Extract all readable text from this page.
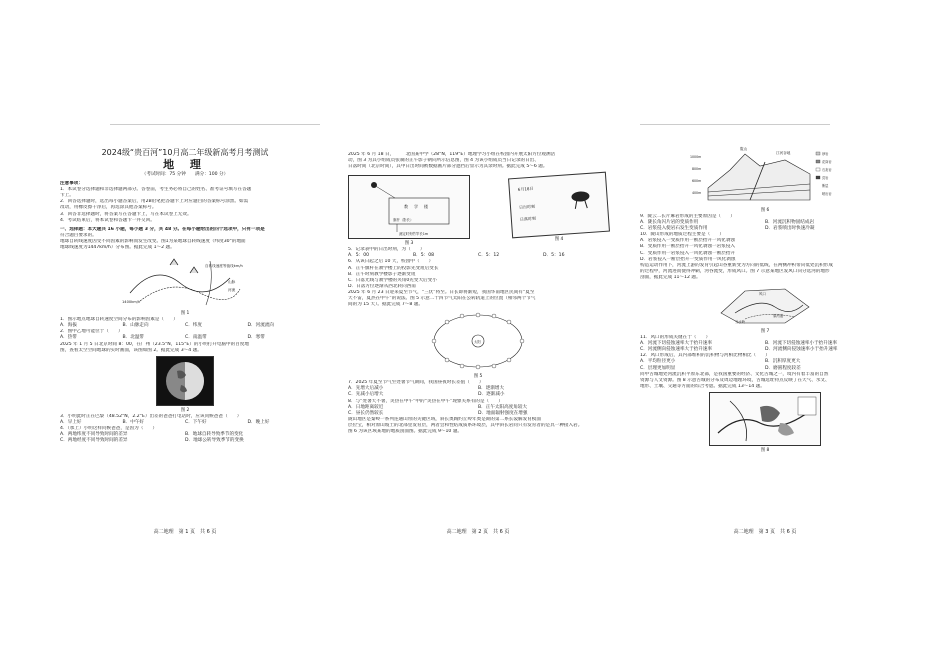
2024级“贵百河”10月高二年级新高考月考测试
地 理
（考试时间：75 分钟　　满分：100 分）
注意事项：
1．本试卷分选择题和非选择题两部分。答卷前，考生务必将自己的姓名、准考证号填写在答题
卡上。
2．回答选择题时，选出每小题答案后，用2B铅笔把答题卡上对应题目的答案标号涂黑。如需
改动，用橡皮擦干净后，再选涂其他答案标号。
3．回答非选择题时，将答案写在答题卡上，写在本试卷上无效。
4．考试结束后，将本试卷和答题卡一并交回。
一、选择题：本大题共 16 小题，每小题 3 分，共 48 分。在每小题给出的四个选项中，只有一项是
符合题目要求的。
地球自转线速度因受不同因素的影响而发生改变。图1为某地球自转线速度（纬度30°的地面
地球线速度为1447km/h）分布图。据此完成 1～2 题。
自转线速度等值线km/h
山脉
河流
1400km/h
图 1
1．图示地点地球自转速度空间分布的影响因素是（　　）
A．海拔	B．山脉走向	C．纬度	D．河流流向
2．图中乙地可能位于（　　）
A．热带	B．北温带	C．南温带	D．寒带
2025 年 1 月 5 日北京时间 8：00，在广州（23.5°N，115°E）的小明打开电脑中的百度地
图，查看太空空间地球的实时画面，该图如图 2。据此完成 3～4 题。
图 2
3．小明此时正在巴黎（48.52°N，2.2°E）出差的爸爸打电话时，应该问候爸爸（　　）
A．早上好	B．中午好	C．下午好	D．晚上好
4．（承上）小明这样问候爸爸，是因为（　　）
A．两地纬度不同导致时间的差异	B．地球自转导致季节的变化
C．两地经度不同导致时间的差异	D．地球公转导致季节的变换
高二地理　第 1 页　共 6 页
2025 年 6 月 18 日，　　　北国某中学（28°N，119°E）地理学习小组在校园内开展太阳方位观测活
动，图 3 为其小组成员张制的正午影子朝向所示信息图，图 4 为该小组成员当日记录的日出、
日落时间（北京时间），其中日出时间被数据画片部分遮挡后显示为其余时刻。据此完成 5～6 题。
教 学 楼
旗杆（影长）
测定时刻竹竿长1m
图 3
6月18日
日出时刻
日落时刻
图 4
5．记录表中的日出时刻，为（　　）
A．5：00	B．5：08	C．5：12	D．5：16
6．从该日起之后 10 天，校园中（　　）
A．正午旗杆在教学楼上的投影先变短后变长
B．正午时刻教学楼影子逐渐变短
C．日落光线与教学楼的夹角0先变大后变小
D．日落方位逐渐从西北转向西南
2025 年 6 月 23 日迎来夏至节气，“三伏”将至。日长即将渐短，我国华南地区民间有“夏至
天不雷，夏热在中午”的说法。图 5 示意二十四节气太阳在公转轨道上的位置（相邻两个节气
间的为 15 天）。据此完成 7～8 题。
太阳
图 5
7．2025 年夏至节气至处暑节气期间，我国昼夜时长差值（　　）
A．先增大后减小	B．逐渐增大
C．先减小后增大	D．逐渐减小
8．与“处暑天不暑，炎热在中午”中的“炎热在中午”现象关系有的是（　　）
A．日地距离较近	B．正午太阳高度角较大
C．昼长仍然较长	D．地面辐射强度在增强
陇山地区是秦岭一系列连通山带的关键区域，斜长奥陶约丘岭年奥是期的第二系长裂解发育模面
层位宝，相对原山坡土的北部里发育层，两者会和性结成质系环境层，其中斜长岩问只有发育者的是具一种接入岩。
图 6 为该区域某地的地质剖面图。据此完成 9～10 题。
高二地理　第 2 页　共 6 页
陇山
江河谷地
1000m
800m
600m
400m
砂岩
花岗岩
石灰岩
页岩
断层
喷出岩
图 6
9．陇云二长片麻岩形成的主要原因是（　　）
A．陇长角闪片岩的变质作用	B．河流沉积物固结成岩
C．岩浆侵入使岩石发生变质作用	D．岩浆喷出时快速冷凝
10．陇山形成的地质过程主要是（　　）
A．岩浆侵入一变质作用一断层抬升一风化剥蚀
B．变质作用一断层抬升一风化剥蚀一岩浆侵入
C．变质作用一岩浆侵入一风化剥蚀一断层抬升
D．岩浆侵入一断层抬升一变质作用一风化剥蚀
构造运动作用下，河流上游的发育引起山谷重新变为方向的低线，在两侧冲积带向低处沉积形成
的过程中，河流进而使得冲刷，河谷流变，形成风口。图 7 示意某地区发风口向分选河的地形
剖面，据此完成 11～12 题。
风口
原河道
分水岭
图 7
11．风口的形成关键在于（　　）
A．河流下切侵蚀速率大于抬升速率	B．河流下切侵蚀速率小于抬升速率
C．河流侧向侵蚀速率大于抬升速率	D．河流侧向侵蚀速率小于抬升速率
12．风口形成后，其内部堆积的沉积物与河相比物相比（　　）
A．平均粒径更小	B．沉积厚度更大
C．层理更加明显	D．磨圆程度较差
同中古城地处河流沉积平原东北部，是我国重要的经济、文化古城之一，境内有着丰富的自然
资源与人文资源。图 8 示意古城的分布及周边地理环境，古城选址特点反映了在天气、水文、
地形、土壤、交通等方面的综合考虑。据此完成 13～14 题。
图 8
高二地理　第 3 页　共 6 页
